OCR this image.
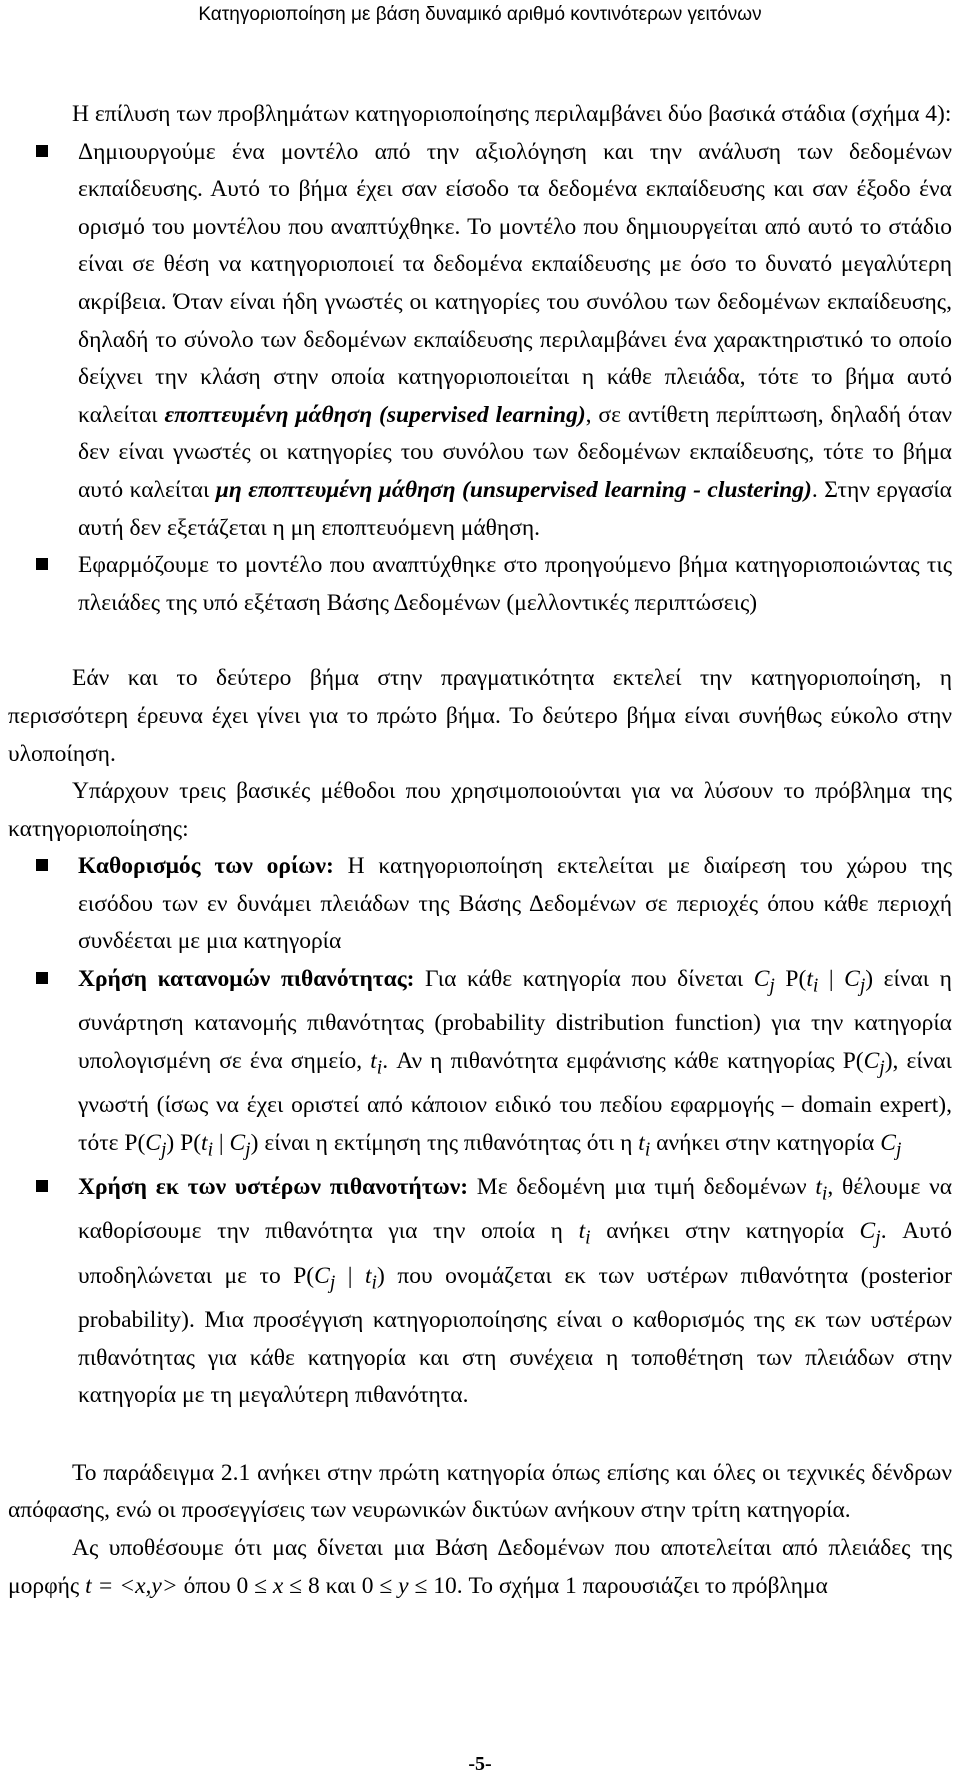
Κατηγοριοποίηση με βάση δυναμικό αριθμό κοντινότερων γειτόνων

Η επίλυση των προβλημάτων κατηγοριοποίησης περιλαμβάνει δύο βασικά στάδια (σχήμα 4):

Δημιουργούμε ένα μοντέλο από την αξιολόγηση και την ανάλυση των δεδομένων εκπαίδευσης. Αυτό το βήμα έχει σαν είσοδο τα δεδομένα εκπαίδευσης και σαν έξοδο ένα ορισμό του μοντέλου που αναπτύχθηκε. Το μοντέλο που δημιουργείται από αυτό το στάδιο είναι σε θέση να κατηγοριοποιεί τα δεδομένα εκπαίδευσης με όσο το δυνατό μεγαλύτερη ακρίβεια. Όταν είναι ήδη γνωστές οι κατηγορίες του συνόλου των δεδομένων εκπαίδευσης, δηλαδή το σύνολο των δεδομένων εκπαίδευσης περιλαμβάνει ένα χαρακτηριστικό το οποίο δείχνει την κλάση στην οποία κατηγοριοποιείται η κάθε πλειάδα, τότε το βήμα αυτό καλείται εποπτευμένη μάθηση (supervised learning), σε αντίθετη περίπτωση, δηλαδή όταν δεν είναι γνωστές οι κατηγορίες του συνόλου των δεδομένων εκπαίδευσης, τότε το βήμα αυτό καλείται μη εποπτευμένη μάθηση (unsupervised learning - clustering). Στην εργασία αυτή δεν εξετάζεται η μη εποπτευόμενη μάθηση.

Εφαρμόζουμε το μοντέλο που αναπτύχθηκε στο προηγούμενο βήμα κατηγοριοποιώντας τις πλειάδες της υπό εξέταση Βάσης Δεδομένων (μελλοντικές περιπτώσεις)

Εάν και το δεύτερο βήμα στην πραγματικότητα εκτελεί την κατηγοριοποίηση, η περισσότερη έρευνα έχει γίνει για το πρώτο βήμα. Το δεύτερο βήμα είναι συνήθως εύκολο στην υλοποίηση.

Υπάρχουν τρεις βασικές μέθοδοι που χρησιμοποιούνται για να λύσουν το πρόβλημα της κατηγοριοποίησης:

Καθορισμός των ορίων: Η κατηγοριοποίηση εκτελείται με διαίρεση του χώρου της εισόδου των εν δυνάμει πλειάδων της Βάσης Δεδομένων σε περιοχές όπου κάθε περιοχή συνδέεται με μια κατηγορία

Χρήση κατανομών πιθανότητας: Για κάθε κατηγορία που δίνεται $C_j$ $P(t_i$ | $C_j$) είναι η συνάρτηση κατανομής πιθανότητας (probability distribution function) για την κατηγορία υπολογισμένη σε ένα σημείο, $t_i$. Αν η πιθανότητα εμφάνισης κάθε κατηγορίας $P(C_j)$, είναι γνωστή (ίσως να έχει οριστεί από κάποιον ειδικό του πεδίου εφαρμογής – domain expert), τότε $P(C_j)$ $P(t_i$ | $C_j$) είναι η εκτίμηση της πιθανότητας ότι η $t_i$ ανήκει στην κατηγορία $C_j$

Χρήση εκ των υστέρων πιθανοτήτων: Με δεδομένη μια τιμή δεδομένων $t_i$, θέλουμε να καθορίσουμε την πιθανότητα για την οποία η $t_i$ ανήκει στην κατηγορία $C_j$. Αυτό υποδηλώνεται με το $P(C_j$ | $t_i$) που ονομάζεται εκ των υστέρων πιθανότητα (posterior probability). Μια προσέγγιση κατηγοριοποίησης είναι ο καθορισμός της εκ των υστέρων πιθανότητας για κάθε κατηγορία και στη συνέχεια η τοποθέτηση των πλειάδων στην κατηγορία με τη μεγαλύτερη πιθανότητα.

Το παράδειγμα 2.1 ανήκει στην πρώτη κατηγορία όπως επίσης και όλες οι τεχνικές δένδρων απόφασης, ενώ οι προσεγγίσεις των νευρωνικών δικτύων ανήκουν στην τρίτη κατηγορία.

Ας υποθέσουμε ότι μας δίνεται μια Βάση Δεδομένων που αποτελείται από πλειάδες της μορφής t = <x,y> όπου 0 ≤ x ≤ 8 και 0 ≤ y ≤ 10. Το σχήμα 1 παρουσιάζει το πρόβλημα

-5-
